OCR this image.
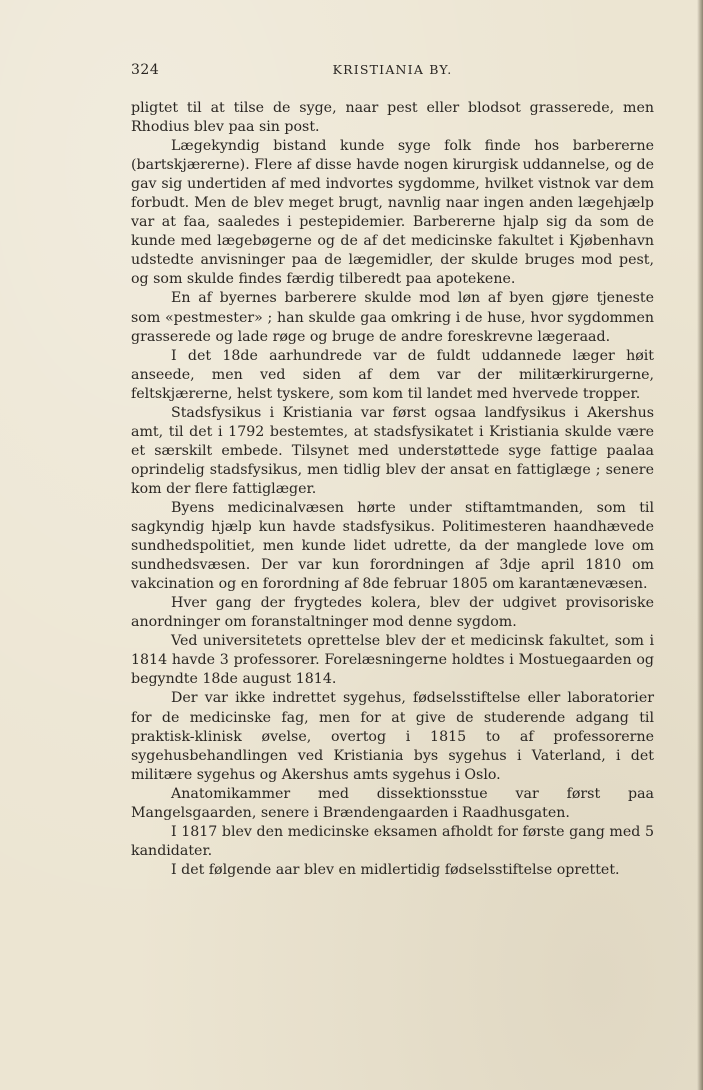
324	KRISTIANIA BY.

pligtet til at tilse de syge, naar pest eller blodsot grasserede, men Rhodius blev paa sin post.

Lægekyndig bistand kunde syge folk finde hos barbererne (bartskjærerne). Flere af disse havde nogen kirurgisk uddannelse, og de gav sig undertiden af med indvortes sygdomme, hvilket vistnok var dem forbudt. Men de blev meget brugt, navnlig naar ingen anden lægehjælp var at faa, saaledes i pestepidemier. Barbererne hjalp sig da som de kunde med lægebøgerne og de af det medicinske fakultet i Kjøbenhavn udstedte anvisninger paa de lægemidler, der skulde bruges mod pest, og som skulde findes færdig tilberedt paa apotekene.

En af byernes barberere skulde mod løn af byen gjøre tjeneste som «pestmester» ; han skulde gaa omkring i de huse, hvor sygdommen grasserede og lade røge og bruge de andre foreskrevne lægeraad.

I det 18de aarhundrede var de fuldt uddannede læger høit anseede, men ved siden af dem var der militærkirurgerne, feltskjærerne, helst tyskere, som kom til landet med hvervede tropper.

Stadsfysikus i Kristiania var først ogsaa landfysikus i Akershus amt, til det i 1792 bestemtes, at stadsfysikatet i Kristiania skulde være et særskilt embede. Tilsynet med understøttede syge fattige paalaa oprindelig stadsfysikus, men tidlig blev der ansat en fattiglæge ; senere kom der flere fattiglæger.

Byens medicinalvæsen hørte under stiftamtmanden, som til sagkyndig hjælp kun havde stadsfysikus. Politimesteren haandhævede sundhedspolitiet, men kunde lidet udrette, da der manglede love om sundhedsvæsen. Der var kun forordningen af 3dje april 1810 om vakcination og en forordning af 8de februar 1805 om karantænevæsen.

Hver gang der frygtedes kolera, blev der udgivet provisoriske anordninger om foranstaltninger mod denne sygdom.

Ved universitetets oprettelse blev der et medicinsk fakultet, som i 1814 havde 3 professorer. Forelæsningerne holdtes i Mostuegaarden og begyndte 18de august 1814.

Der var ikke indrettet sygehus, fødselsstiftelse eller laboratorier for de medicinske fag, men for at give de studerende adgang til praktisk-klinisk øvelse, overtog i 1815 to af professorerne sygehusbehandlingen ved Kristiania bys sygehus i Vaterland, i det militære sygehus og Akershus amts sygehus i Oslo.

Anatomikammer med dissektionsstue var først paa Mangelsgaarden, senere i Brændengaarden i Raadhusgaten.

I 1817 blev den medicinske eksamen afholdt for første gang med 5 kandidater.

I det følgende aar blev en midlertidig fødselsstiftelse oprettet.
